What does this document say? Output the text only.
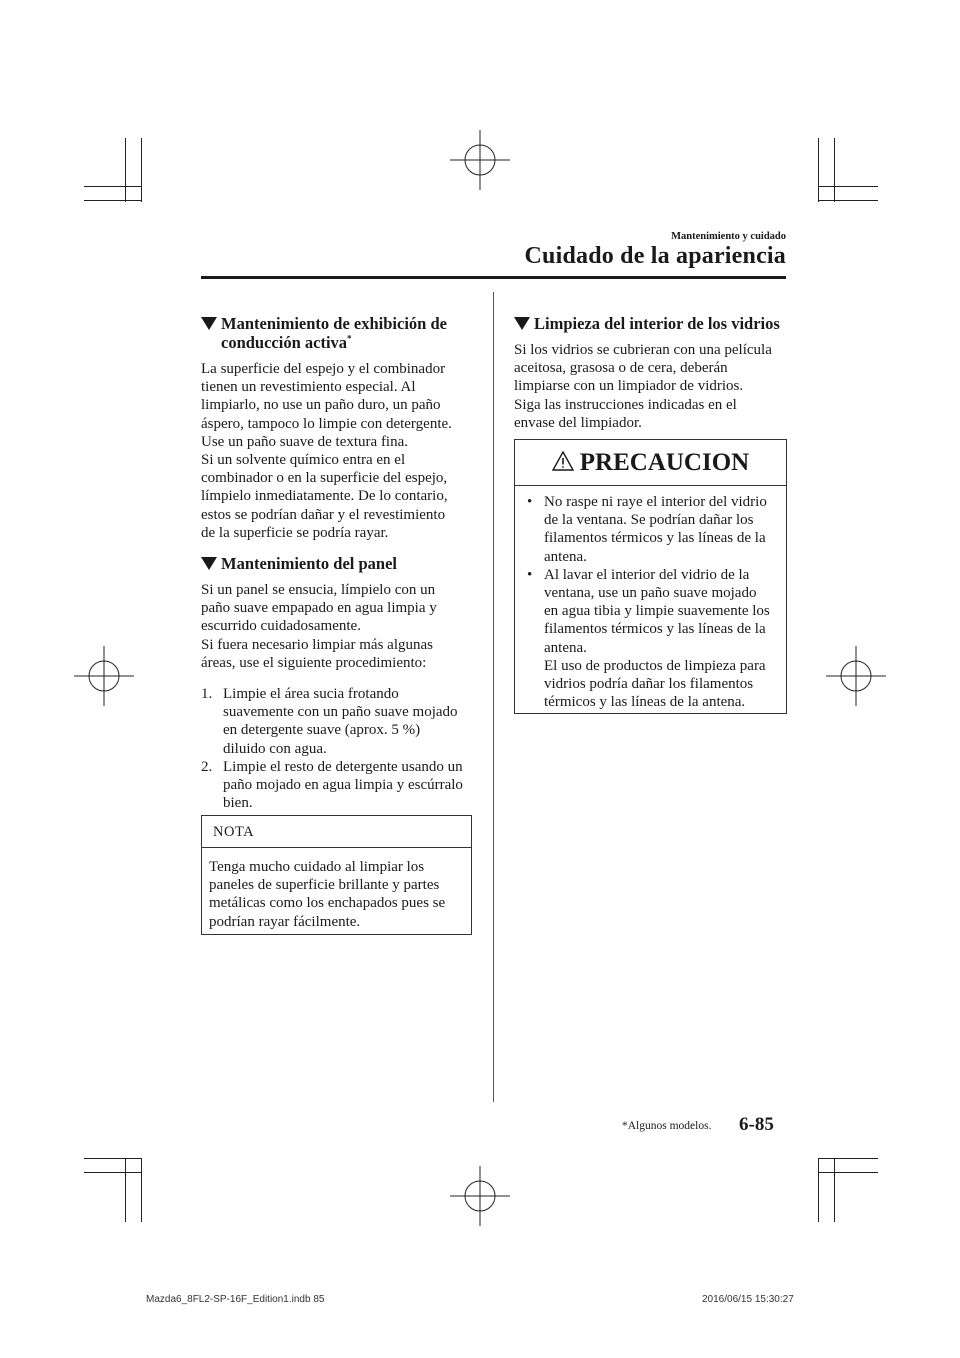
Mantenimiento y cuidado
Cuidado de la apariencia
Mantenimiento de exhibición de
conducción activa*

La superficie del espejo y el combinador

tienen un revestimiento especial. Al

limpiarlo, no use un paño duro, un paño

áspero, tampoco lo limpie con detergente.

Use un paño suave de textura fina.

Si un solvente químico entra en el

combinador o en la superficie del espejo,

límpielo inmediatamente. De lo contario,

estos se podrían dañar y el revestimiento

de la superficie se podría rayar.

Mantenimiento del panel

Si un panel se ensucia, límpielo con un

paño suave empapado en agua limpia y

escurrido cuidadosamente.

Si fuera necesario limpiar más algunas

áreas, use el siguiente procedimiento:

1. Limpie el área sucia frotando

suavemente con un paño suave mojado

en detergente suave (aprox. 5 %)

diluido con agua.

2. Limpie el resto de detergente usando un

paño mojado en agua limpia y escúrralo

bien.

NOTA
Tenga mucho cuidado al limpiar los
paneles de superficie brillante y partes
metálicas como los enchapados pues se
podrían rayar fácilmente.
Limpieza del interior de los vidrios

Si los vidrios se cubrieran con una película

aceitosa, grasosa o de cera, deberán

limpiarse con un limpiador de vidrios.

Siga las instrucciones indicadas en el

envase del limpiador.

PRECAUCION
• No raspe ni raye el interior del vidrio
de la ventana. Se podrían dañar los
filamentos térmicos y las líneas de la
antena.
• Al lavar el interior del vidrio de la
ventana, use un paño suave mojado
en agua tibia y limpie suavemente los
filamentos térmicos y las líneas de la
antena.
El uso de productos de limpieza para
vidrios podría dañar los filamentos
térmicos y las líneas de la antena.
*Algunos modelos. 6-85
Mazda6_8FL2-SP-16F_Edition1.indb 85	2016/06/15 15:30:27
